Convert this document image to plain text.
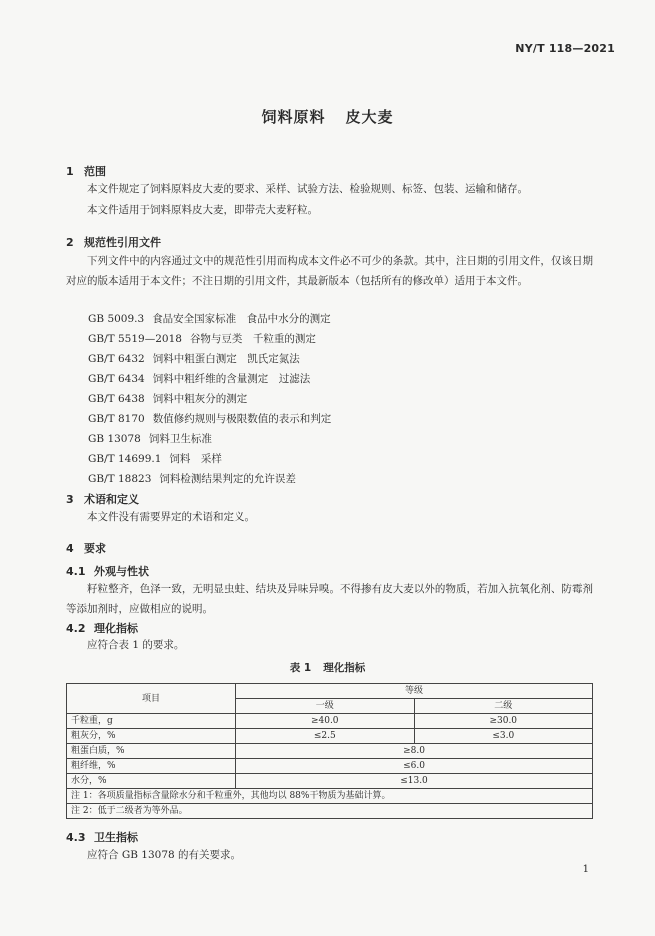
NY/T 118—2021
饲料原料 皮大麦
1 范围
本文件规定了饲料原料皮大麦的要求、采样、试验方法、检验规则、标签、包装、运输和储存。
本文件适用于饲料原料皮大麦，即带壳大麦籽粒。
2 规范性引用文件
下列文件中的内容通过文中的规范性引用而构成本文件必不可少的条款。其中，注日期的引用文件，仅该日期对应的版本适用于本文件；不注日期的引用文件，其最新版本（包括所有的修改单）适用于本文件。
GB 5009.3 食品安全国家标准　食品中水分的测定
GB/T 5519—2018 谷物与豆类　千粒重的测定
GB/T 6432 饲料中粗蛋白测定　凯氏定氮法
GB/T 6434 饲料中粗纤维的含量测定　过滤法
GB/T 6438 饲料中粗灰分的测定
GB/T 8170 数值修约规则与极限数值的表示和判定
GB 13078 饲料卫生标准
GB/T 14699.1 饲料　采样
GB/T 18823 饲料检测结果判定的允许误差
3 术语和定义
本文件没有需要界定的术语和定义。
4 要求
4.1 外观与性状
籽粒整齐，色泽一致，无明显虫蛀、结块及异味异嗅。不得掺有皮大麦以外的物质，若加入抗氧化剂、防霉剂等添加剂时，应做相应的说明。
4.2 理化指标
应符合表 1 的要求。
表 1 理化指标
项目	等级	
	一级	二级
千粒重，g	≥40.0	≥30.0
粗灰分，%	≤2.5	≤3.0
粗蛋白质，%	≥8.0	
粗纤维，%	≤6.0	
水分，%	≤13.0	
注 1：各项质量指标含量除水分和千粒重外，其他均以 88%干物质为基础计算。		
注 2：低于二级者为等外品。		
4.3 卫生指标
应符合 GB 13078 的有关要求。
1
